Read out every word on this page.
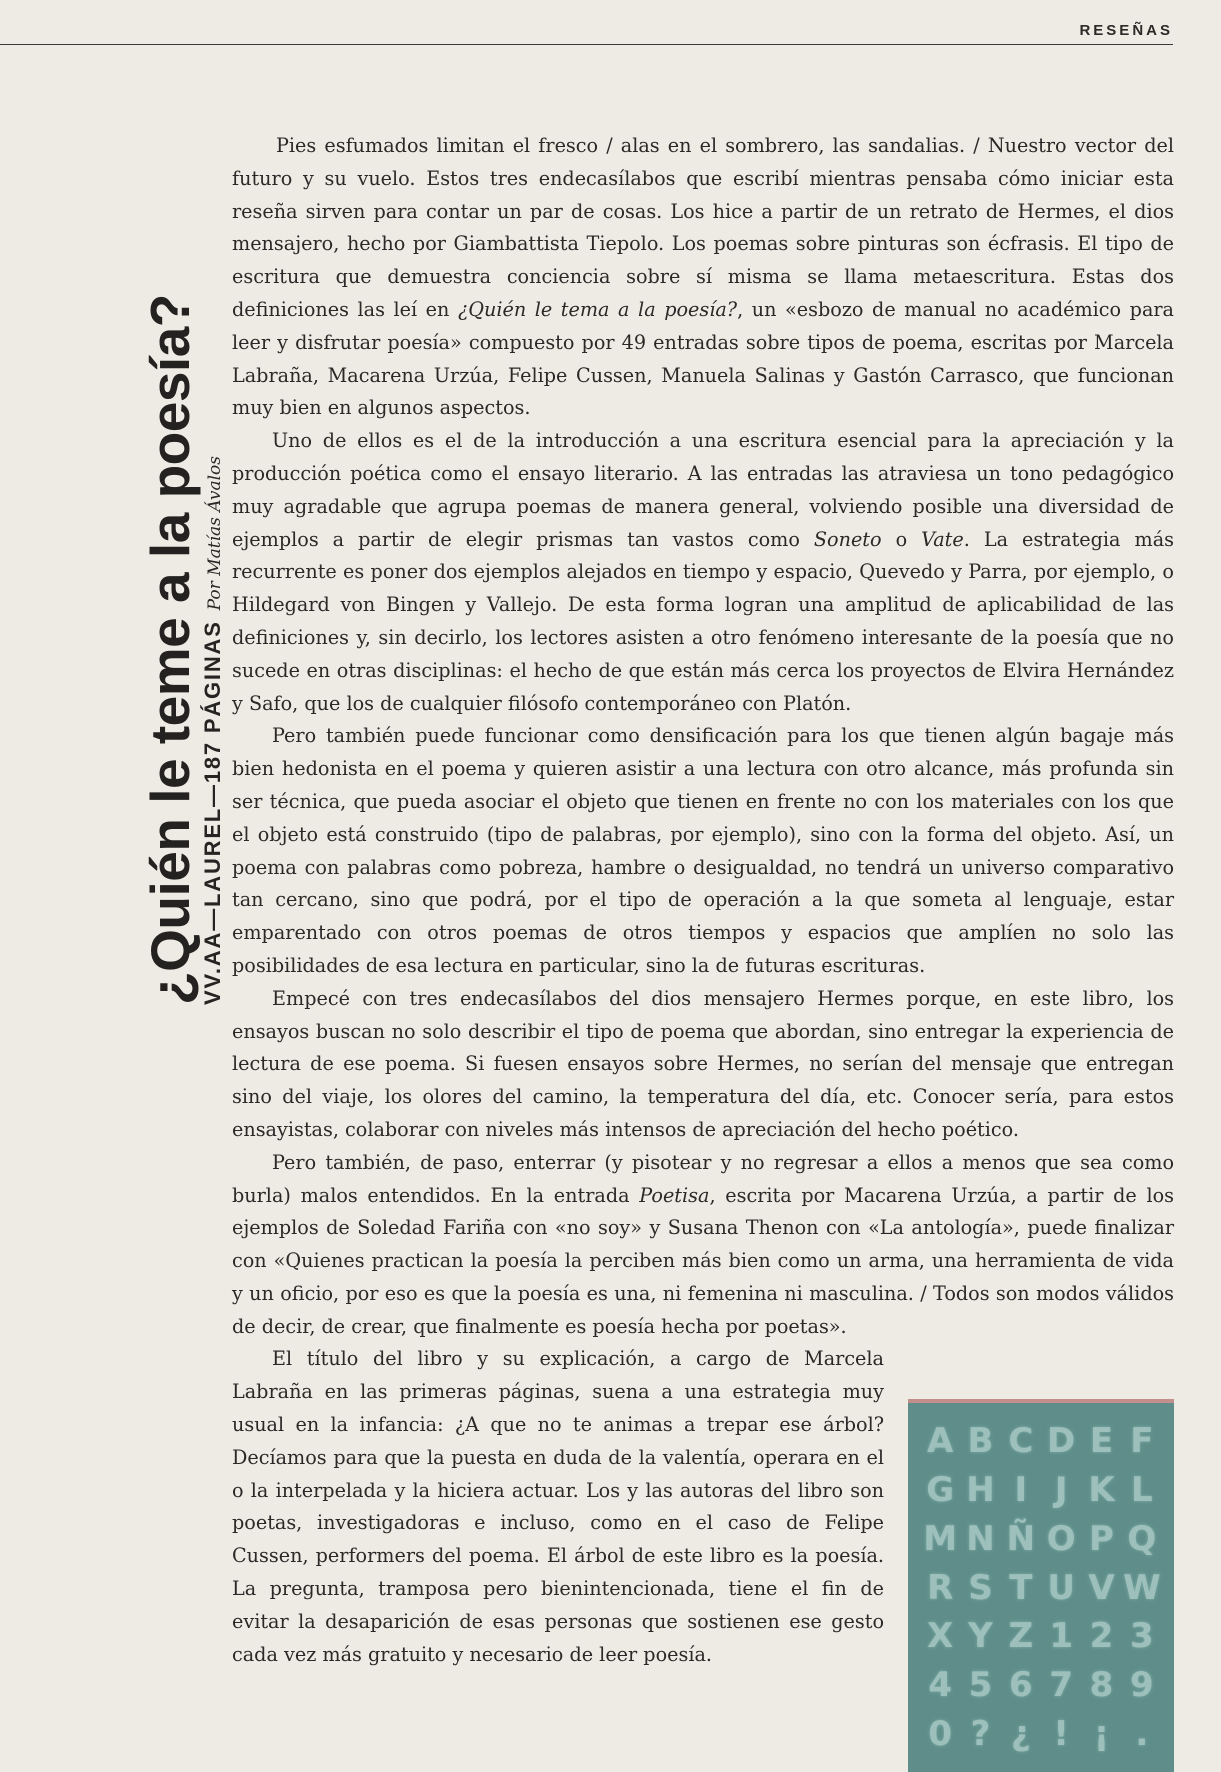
RESEÑAS
¿Quién le teme a la poesía? VV.AA—LAUREL—187 PÁGINASPor Matías Ávalos

Pies esfumados limitan el fresco / alas en el sombrero, las sandalias. / Nuestro vector del futuro y su vuelo. Estos tres endecasílabos que escribí mientras pensaba cómo iniciar esta reseña sirven para contar un par de cosas. Los hice a partir de un retrato de Hermes, el dios mensajero, hecho por Giambattista Tiepolo. Los poemas sobre pinturas son écfrasis. El tipo de escritura que demuestra conciencia sobre sí misma se llama metaescritura. Estas dos definiciones las leí en ¿Quién le tema a la poesía?, un «esbozo de manual no académico para leer y disfrutar poesía» compuesto por 49 entradas sobre tipos de poema, escritas por Marcela Labraña, Macarena Urzúa, Felipe Cussen, Manuela Salinas y Gastón Carrasco, que funcionan muy bien en algunos aspectos.

Uno de ellos es el de la introducción a una escritura esencial para la apreciación y la producción poética como el ensayo literario. A las entradas las atraviesa un tono pedagógico muy agradable que agrupa poemas de manera general, volviendo posible una diversidad de ejemplos a partir de elegir prismas tan vastos como Soneto o Vate. La estrategia más recurrente es poner dos ejemplos alejados en tiempo y espacio, Quevedo y Parra, por ejemplo, o Hildegard von Bingen y Vallejo. De esta forma logran una amplitud de aplicabilidad de las definiciones y, sin decirlo, los lectores asisten a otro fenómeno interesante de la poesía que no sucede en otras disciplinas: el hecho de que están más cerca los proyectos de Elvira Hernández y Safo, que los de cualquier filósofo contemporáneo con Platón.

Pero también puede funcionar como densificación para los que tienen algún bagaje más bien hedonista en el poema y quieren asistir a una lectura con otro alcance, más profunda sin ser técnica, que pueda asociar el objeto que tienen en frente no con los materiales con los que el objeto está construido (tipo de palabras, por ejemplo), sino con la forma del objeto. Así, un poema con palabras como pobreza, hambre o desigualdad, no tendrá un universo comparativo tan cercano, sino que podrá, por el tipo de operación a la que someta al lenguaje, estar emparentado con otros poemas de otros tiempos y espacios que amplíen no solo las posibilidades de esa lectura en particular, sino la de futuras escrituras.

Empecé con tres endecasílabos del dios mensajero Hermes porque, en este libro, los ensayos buscan no solo describir el tipo de poema que abordan, sino entregar la experiencia de lectura de ese poema. Si fuesen ensayos sobre Hermes, no serían del mensaje que entregan sino del viaje, los olores del camino, la temperatura del día, etc. Conocer sería, para estos ensayistas, colaborar con niveles más intensos de apreciación del hecho poético.

Pero también, de paso, enterrar (y pisotear y no regresar a ellos a menos que sea como burla) malos entendidos. En la entrada Poetisa, escrita por Macarena Urzúa, a partir de los ejemplos de Soledad Fariña con «no soy» y Susana Thenon con «La antología», puede finalizar con «Quienes practican la poesía la perciben más bien como un arma, una herramienta de vida y un oficio, por eso es que la poesía es una, ni femenina ni masculina. / Todos son modos válidos de decir, de crear, que finalmente es poesía hecha por poetas».

A B C D E F
G H I J K L
M N Ñ O P Q
R S T U V W
X Y Z 1 2 3
4 5 6 7 8 9
0 ? ¿ ! ¡ .

El título del libro y su explicación, a cargo de Marcela Labraña en las primeras páginas, suena a una estrategia muy usual en la infancia: ¿A que no te animas a trepar ese árbol? Decíamos para que la puesta en duda de la valentía, operara en el o la interpelada y la hiciera actuar. Los y las autoras del libro son poetas, investigadoras e incluso, como en el caso de Felipe Cussen, performers del poema. El árbol de este libro es la poesía. La pregunta, tramposa pero bienintencionada, tiene el fin de evitar la desaparición de esas personas que sostienen ese gesto cada vez más gratuito y necesario de leer poesía.
